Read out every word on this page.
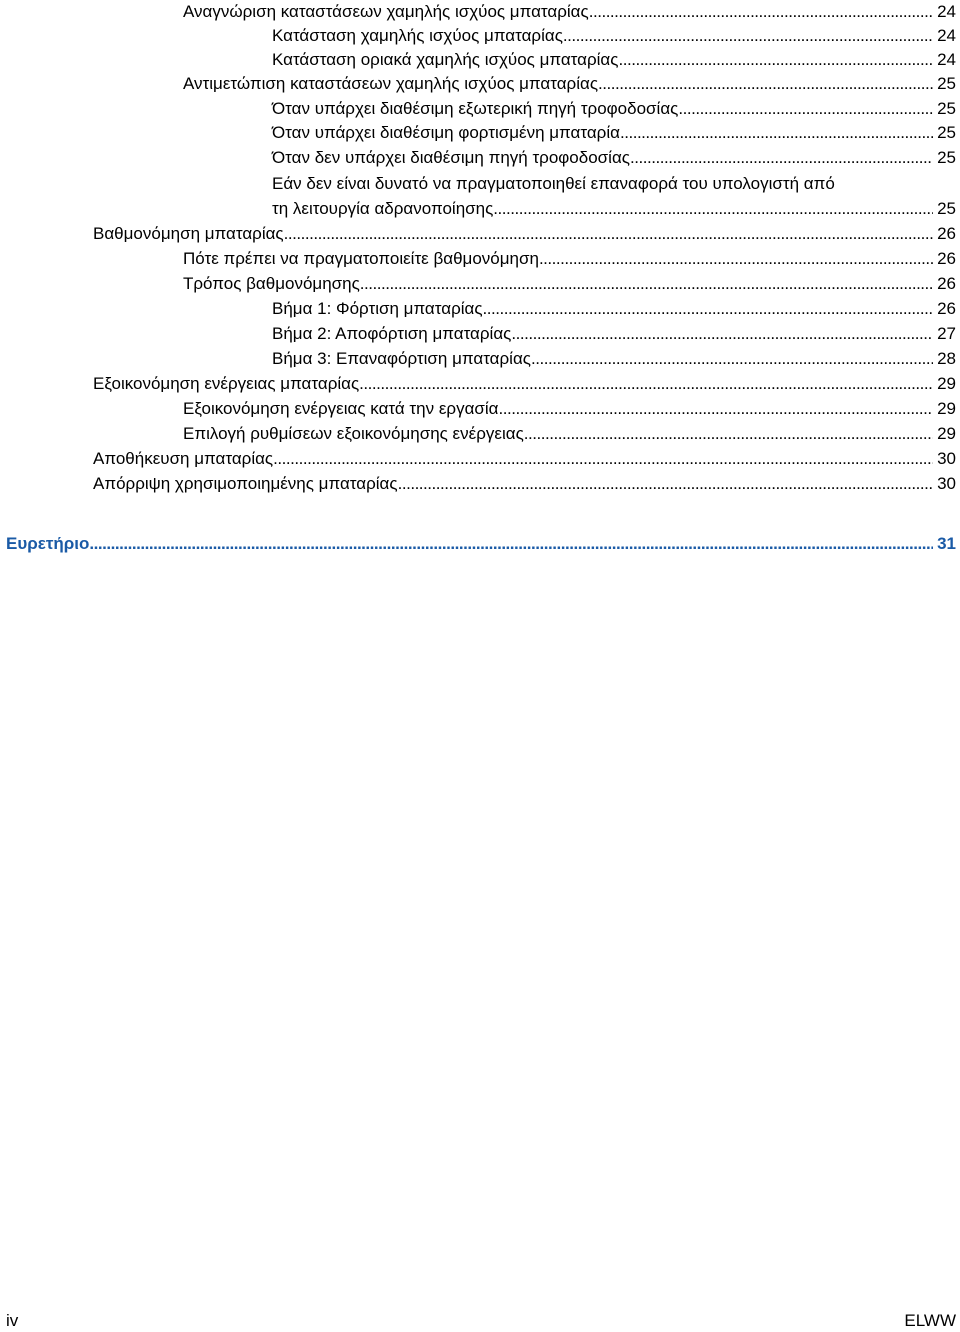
Αναγνώριση καταστάσεων χαμηλής ισχύος μπαταρίας . . .	24
Κατάσταση χαμηλής ισχύος μπαταρίας . . .	24
Κατάσταση οριακά χαμηλής ισχύος μπαταρίας . . .	24
Αντιμετώπιση καταστάσεων χαμηλής ισχύος μπαταρίας . . .	25
Όταν υπάρχει διαθέσιμη εξωτερική πηγή τροφοδοσίας . . .	25
Όταν υπάρχει διαθέσιμη φορτισμένη μπαταρία . . .	25
Όταν δεν υπάρχει διαθέσιμη πηγή τροφοδοσίας . . .	25
Εάν δεν είναι δυνατό να πραγματοποιηθεί επαναφορά του υπολογιστή από
τη λειτουργία αδρανοποίησης . . .	25
Βαθμονόμηση μπαταρίας . . .	26
Πότε πρέπει να πραγματοποιείτε βαθμονόμηση . . .	26
Τρόπος βαθμονόμησης . . .	26
Βήμα 1: Φόρτιση μπαταρίας . . .	26
Βήμα 2: Αποφόρτιση μπαταρίας . . .	27
Βήμα 3: Επαναφόρτιση μπαταρίας . . .	28
Εξοικονόμηση ενέργειας μπαταρίας . . .	29
Εξοικονόμηση ενέργειας κατά την εργασία . . .	29
Επιλογή ρυθμίσεων εξοικονόμησης ενέργειας . . .	29
Αποθήκευση μπαταρίας . . .	30
Απόρριψη χρησιμοποιημένης μπαταρίας . . .	30
Ευρετήριο . . .	31
iv	ELWW
